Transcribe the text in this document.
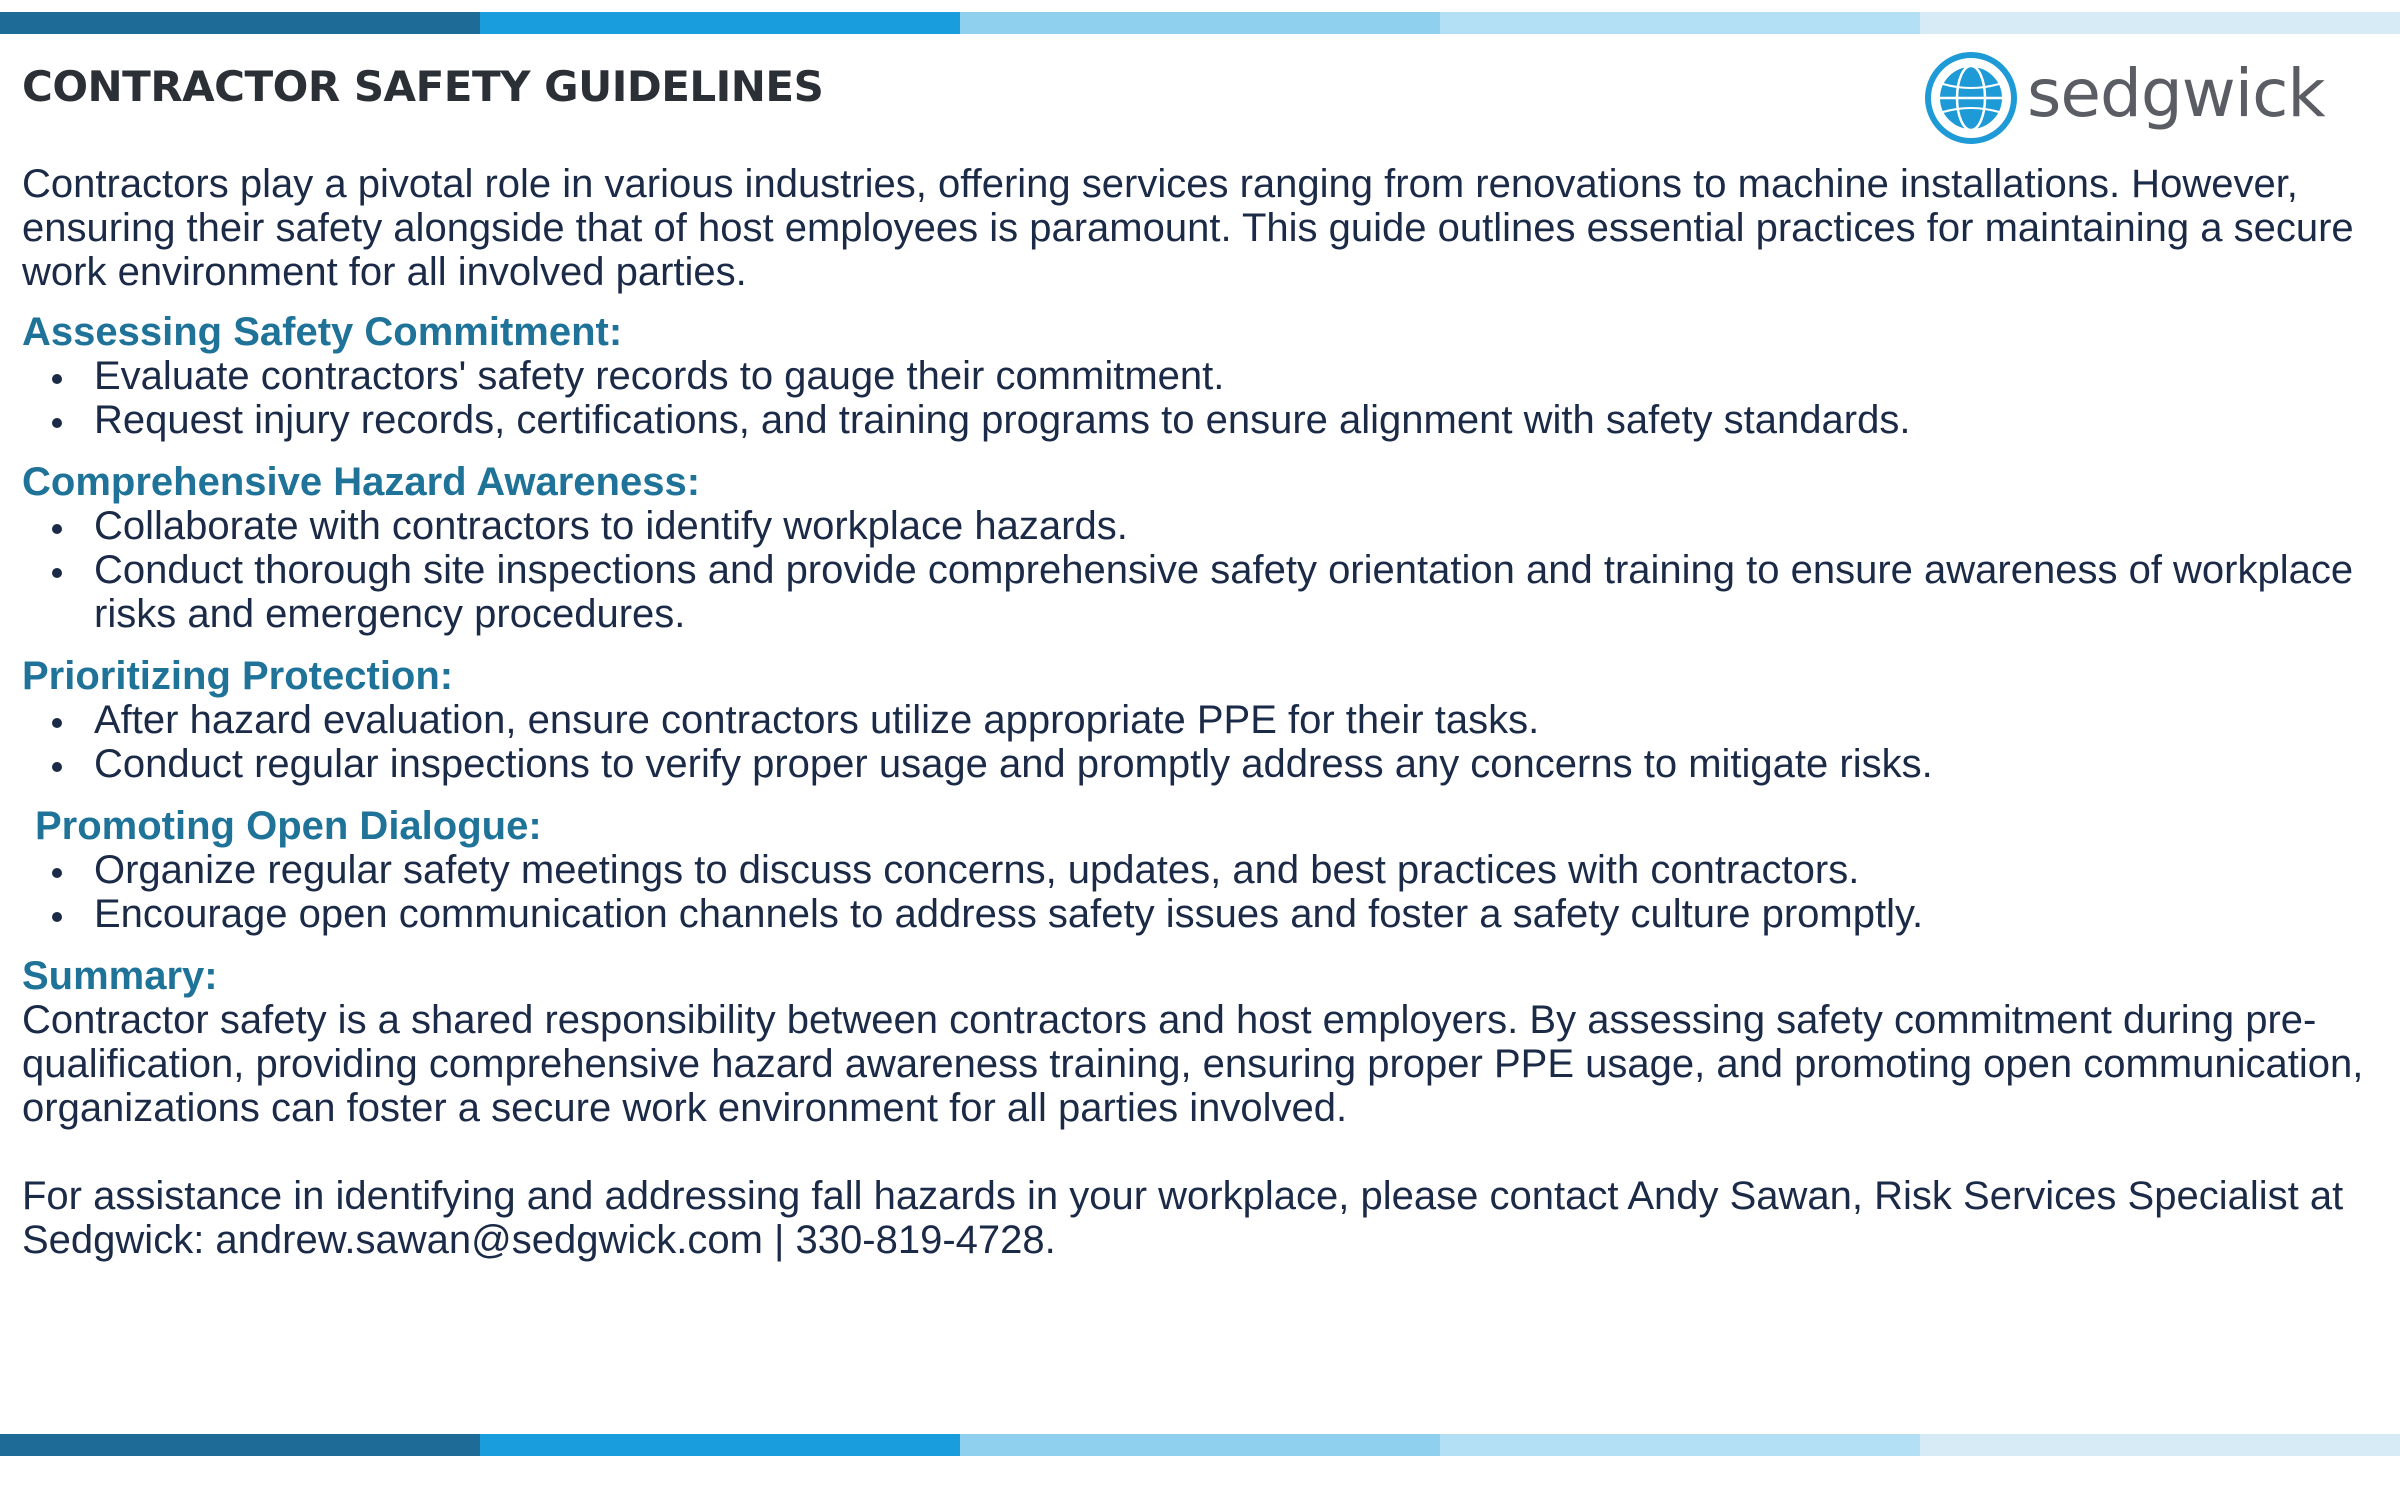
CONTRACTOR SAFETY GUIDELINES	sedgwick

Contractors play a pivotal role in various industries, offering services ranging from renovations to machine installations. However, ensuring their safety alongside that of host employees is paramount. This guide outlines essential practices for maintaining a secure work environment for all involved parties.

Assessing Safety Commitment:

Evaluate contractors' safety records to gauge their commitment.
Request injury records, certifications, and training programs to ensure alignment with safety standards.

Comprehensive Hazard Awareness:

Collaborate with contractors to identify workplace hazards.
Conduct thorough site inspections and provide comprehensive safety orientation and training to ensure awareness of workplace risks and emergency procedures.

Prioritizing Protection:

After hazard evaluation, ensure contractors utilize appropriate PPE for their tasks.
Conduct regular inspections to verify proper usage and promptly address any concerns to mitigate risks.

Promoting Open Dialogue:

Organize regular safety meetings to discuss concerns, updates, and best practices with contractors.
Encourage open communication channels to address safety issues and foster a safety culture promptly.

Summary:

Contractor safety is a shared responsibility between contractors and host employers. By assessing safety commitment during pre-qualification, providing comprehensive hazard awareness training, ensuring proper PPE usage, and promoting open communication, organizations can foster a secure work environment for all parties involved.

For assistance in identifying and addressing fall hazards in your workplace, please contact Andy Sawan, Risk Services Specialist at Sedgwick: andrew.sawan@sedgwick.com | 330-819-4728.
